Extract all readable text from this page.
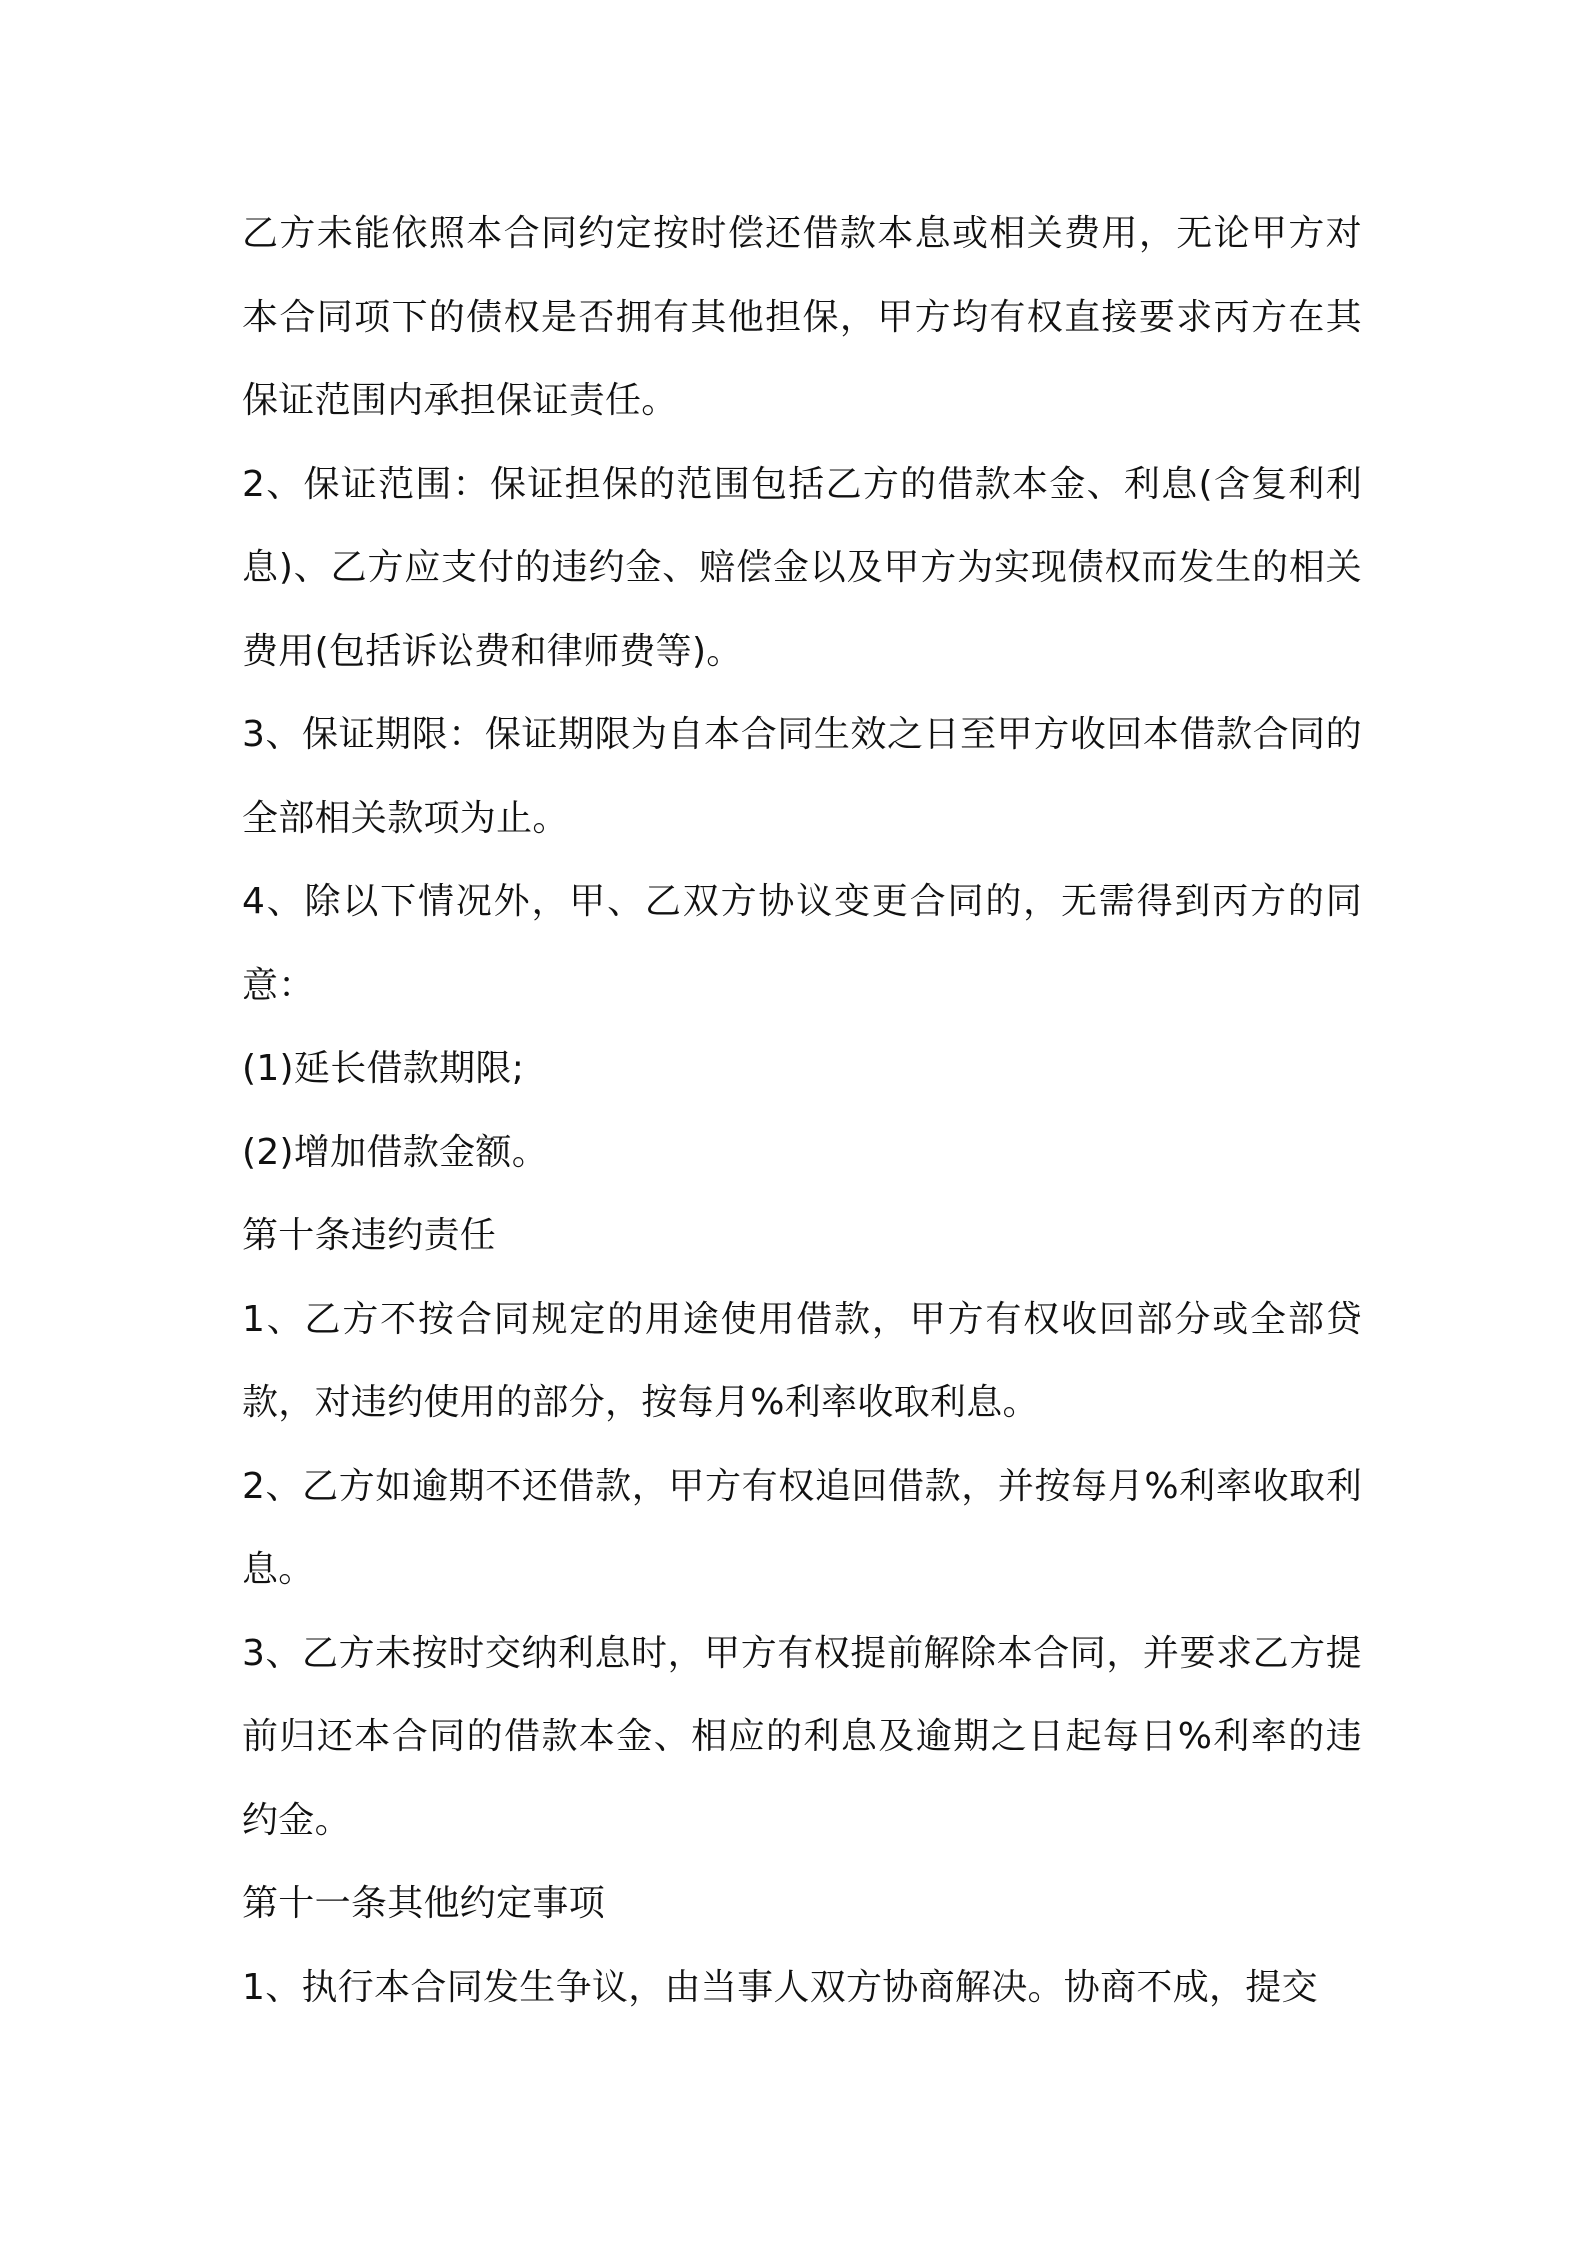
乙方未能依照本合同约定按时偿还借款本息或相关费用，无论甲方对本合同项下的债权是否拥有其他担保，甲方均有权直接要求丙方在其保证范围内承担保证责任。

2、保证范围：保证担保的范围包括乙方的借款本金、利息(含复利利息)、乙方应支付的违约金、赔偿金以及甲方为实现债权而发生的相关费用(包括诉讼费和律师费等)。

3、保证期限：保证期限为自本合同生效之日至甲方收回本借款合同的全部相关款项为止。

4、除以下情况外，甲、乙双方协议变更合同的，无需得到丙方的同意：

(1)延长借款期限;

(2)增加借款金额。

第十条违约责任

1、乙方不按合同规定的用途使用借款，甲方有权收回部分或全部贷款，对违约使用的部分，按每月%利率收取利息。

2、乙方如逾期不还借款，甲方有权追回借款，并按每月%利率收取利息。

3、乙方未按时交纳利息时，甲方有权提前解除本合同，并要求乙方提前归还本合同的借款本金、相应的利息及逾期之日起每日%利率的违约金。

第十一条其他约定事项

1、执行本合同发生争议，由当事人双方协商解决。协商不成，提交
